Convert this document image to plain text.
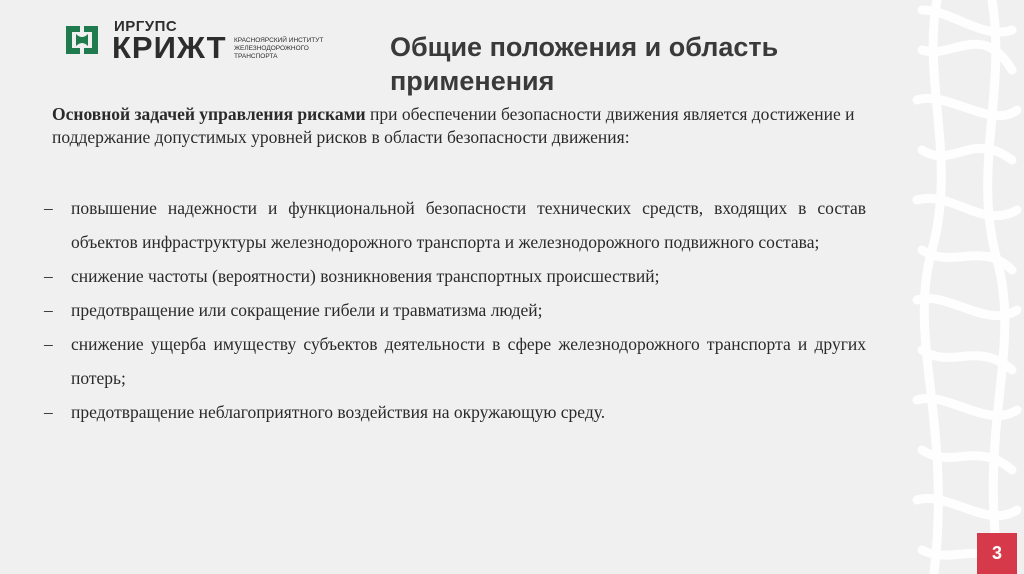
ИРГУПС
КРИЖТ КРАСНОЯРСКИЙ ИНСТИТУТ ЖЕЛЕЗНОДОРОЖНОГО ТРАНСПОРТА	Общие положения и область применения
Основной задачей управления рисками при обеспечении безопасности движения является достижение и поддержание допустимых уровней рисков в области безопасности движения:
– повышение надежности и функциональной безопасности технических средств, входящих в состав объектов инфраструктуры железнодорожного транспорта и железнодорожного подвижного состава;
– снижение частоты (вероятности) возникновения транспортных происшествий;
– предотвращение или сокращение гибели и травматизма людей;
– снижение ущерба имуществу субъектов деятельности в сфере железнодорожного транспорта и других потерь;
– предотвращение неблагоприятного воздействия на окружающую среду.
3
